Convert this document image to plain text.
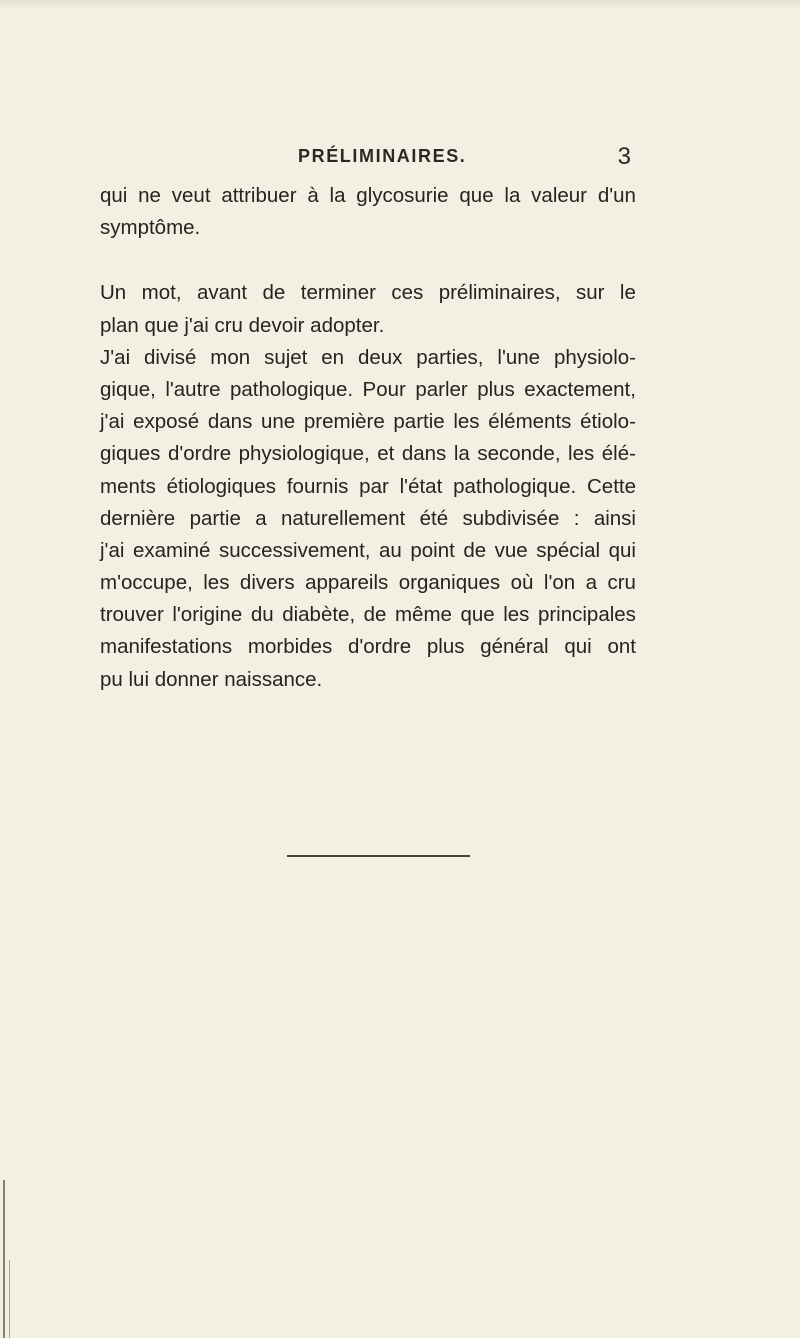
PRÉLIMINAIRES.	3
qui ne veut attribuer à la glycosurie que la valeur d'un
symptôme.
Un mot, avant de terminer ces préliminaires, sur le
plan que j'ai cru devoir adopter.
J'ai divisé mon sujet en deux parties, l'une physiolo-
gique, l'autre pathologique. Pour parler plus exactement,
j'ai exposé dans une première partie les éléments étiolo-
giques d'ordre physiologique, et dans la seconde, les élé-
ments étiologiques fournis par l'état pathologique. Cette
dernière partie a naturellement été subdivisée : ainsi
j'ai examiné successivement, au point de vue spécial qui
m'occupe, les divers appareils organiques où l'on a cru
trouver l'origine du diabète, de même que les principales
manifestations morbides d'ordre plus général qui ont
pu lui donner naissance.
